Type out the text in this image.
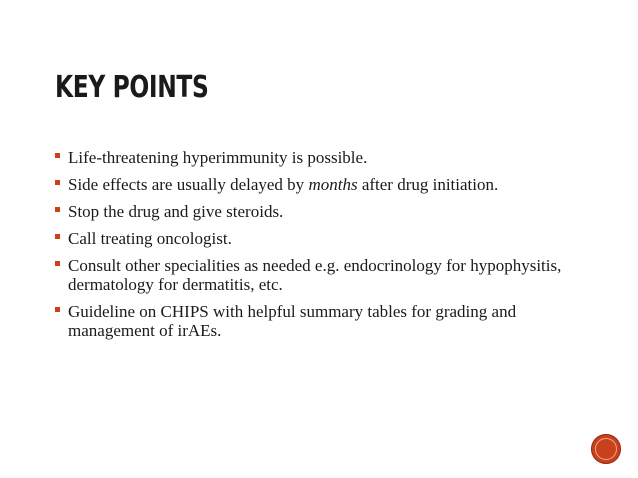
KEY POINTS
Life-threatening hyperimmunity is possible.
Side effects are usually delayed by months after drug initiation.
Stop the drug and give steroids.
Call treating oncologist.
Consult other specialities as needed e.g. endocrinology for hypophysitis, dermatology for dermatitis, etc.
Guideline on CHIPS with helpful summary tables for grading and management of irAEs.
